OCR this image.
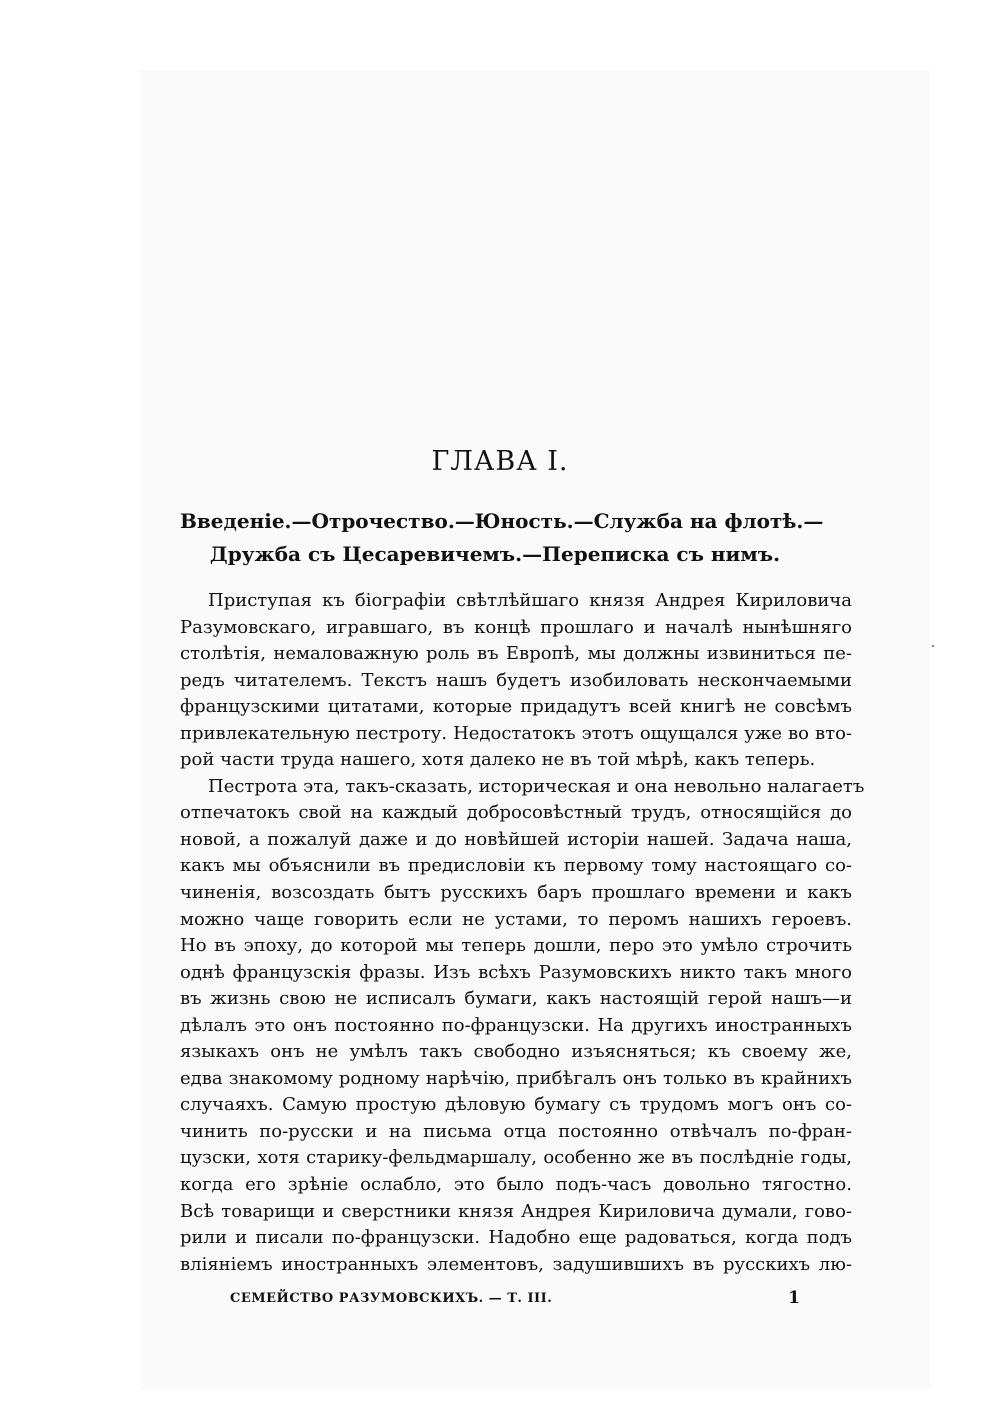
ГЛАВА I.
Введеніе.—Отрочество.—Юность.—Служба на флотѣ.—
Дружба съ Цесаревичемъ.—Переписка съ нимъ.
Приступая къ біографіи свѣтлѣйшаго князя Андрея Кириловича
Разумовскаго, игравшаго, въ концѣ прошлаго и началѣ нынѣшняго
столѣтія, немаловажную роль въ Европѣ, мы должны извиниться пе-
редъ читателемъ. Текстъ нашъ будетъ изобиловать нескончаемыми
французскими цитатами, которые придадутъ всей книгѣ не совсѣмъ
привлекательную пестроту. Недостатокъ этотъ ощущался уже во вто-
рой части труда нашего, хотя далеко не въ той мѣрѣ, какъ теперь.
Пестрота эта, такъ-сказать, историческая и она невольно налагаетъ
отпечатокъ свой на каждый добросовѣстный трудъ, относящійся до
новой, а пожалуй даже и до новѣйшей исторіи нашей. Задача наша,
какъ мы объяснили въ предисловіи къ первому тому настоящаго со-
чиненія, возсоздать бытъ русскихъ баръ прошлаго времени и какъ
можно чаще говорить если не устами, то перомъ нашихъ героевъ.
Но въ эпоху, до которой мы теперь дошли, перо это умѣло строчить
однѣ французскія фразы. Изъ всѣхъ Разумовскихъ никто такъ много
въ жизнь свою не исписалъ бумаги, какъ настоящій герой нашъ—и
дѣлалъ это онъ постоянно по-французски. На другихъ иностранныхъ
языкахъ онъ не умѣлъ такъ свободно изъясняться; къ своему же,
едва знакомому родному нарѣчію, прибѣгалъ онъ только въ крайнихъ
случаяхъ. Самую простую дѣловую бумагу съ трудомъ могъ онъ со-
чинить по-русски и на письма отца постоянно отвѣчалъ по-фран-
цузски, хотя старику-фельдмаршалу, особенно же въ послѣдніе годы,
когда его зрѣніе ослабло, это было подъ-часъ довольно тягостно.
Всѣ товарищи и сверстники князя Андрея Кириловича думали, гово-
рили и писали по-французски. Надобно еще радоваться, когда подъ
вліяніемъ иностранныхъ элементовъ, задушившихъ въ русскихъ лю-
СЕМЕЙСТВО РАЗУМОВСКИХЪ. — Т. III.	1
